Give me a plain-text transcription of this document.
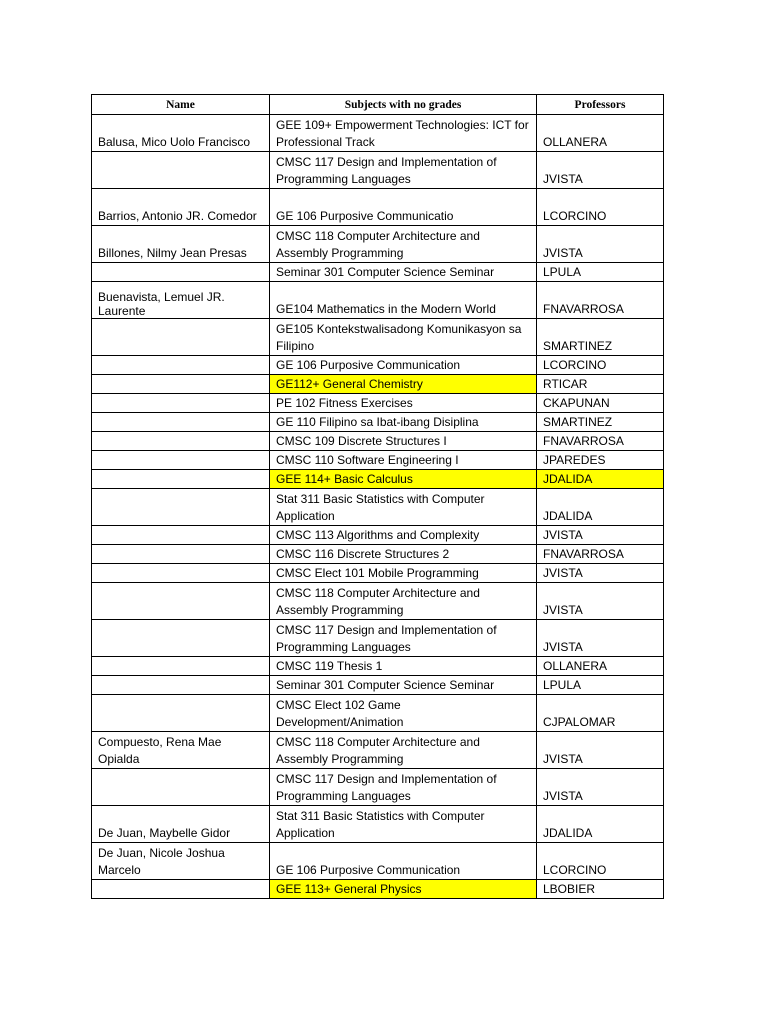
Name	Subjects with no grades	Professors
Balusa, Mico Uolo Francisco	GEE 109+ Empowerment Technologies: ICT for Professional Track	OLLANERA
	CMSC 117 Design and Implementation of Programming Languages	JVISTA
Barrios, Antonio JR. Comedor	GE 106 Purposive Communicatio	LCORCINO
Billones, Nilmy Jean Presas	CMSC 118 Computer Architecture and Assembly Programming	JVISTA
	Seminar 301 Computer Science Seminar	LPULA
Buenavista, Lemuel JR. Laurente	GE104 Mathematics in the Modern World	FNAVARROSA
	GE105 Kontekstwalisadong Komunikasyon sa Filipino	SMARTINEZ
	GE 106 Purposive Communication	LCORCINO
	GE112+ General Chemistry	RTICAR
	PE 102 Fitness Exercises	CKAPUNAN
	GE 110 Filipino sa Ibat-ibang Disiplina	SMARTINEZ
	CMSC 109 Discrete Structures I	FNAVARROSA
	CMSC 110 Software Engineering I	JPAREDES
	GEE 114+ Basic Calculus	JDALIDA
	Stat 311 Basic Statistics with Computer Application	JDALIDA
	CMSC 113 Algorithms and Complexity	JVISTA
	CMSC 116 Discrete Structures 2	FNAVARROSA
	CMSC Elect 101 Mobile Programming	JVISTA
	CMSC 118 Computer Architecture and Assembly Programming	JVISTA
	CMSC 117 Design and Implementation of Programming Languages	JVISTA
	CMSC 119 Thesis 1	OLLANERA
	Seminar 301 Computer Science Seminar	LPULA
	CMSC Elect 102 Game Development/Animation	CJPALOMAR
Compuesto, Rena Mae Opialda	CMSC 118 Computer Architecture and Assembly Programming	JVISTA
	CMSC 117 Design and Implementation of Programming Languages	JVISTA
De Juan, Maybelle Gidor	Stat 311 Basic Statistics with Computer Application	JDALIDA
De Juan, Nicole Joshua Marcelo	GE 106 Purposive Communication	LCORCINO
	GEE 113+ General Physics	LBOBIER
